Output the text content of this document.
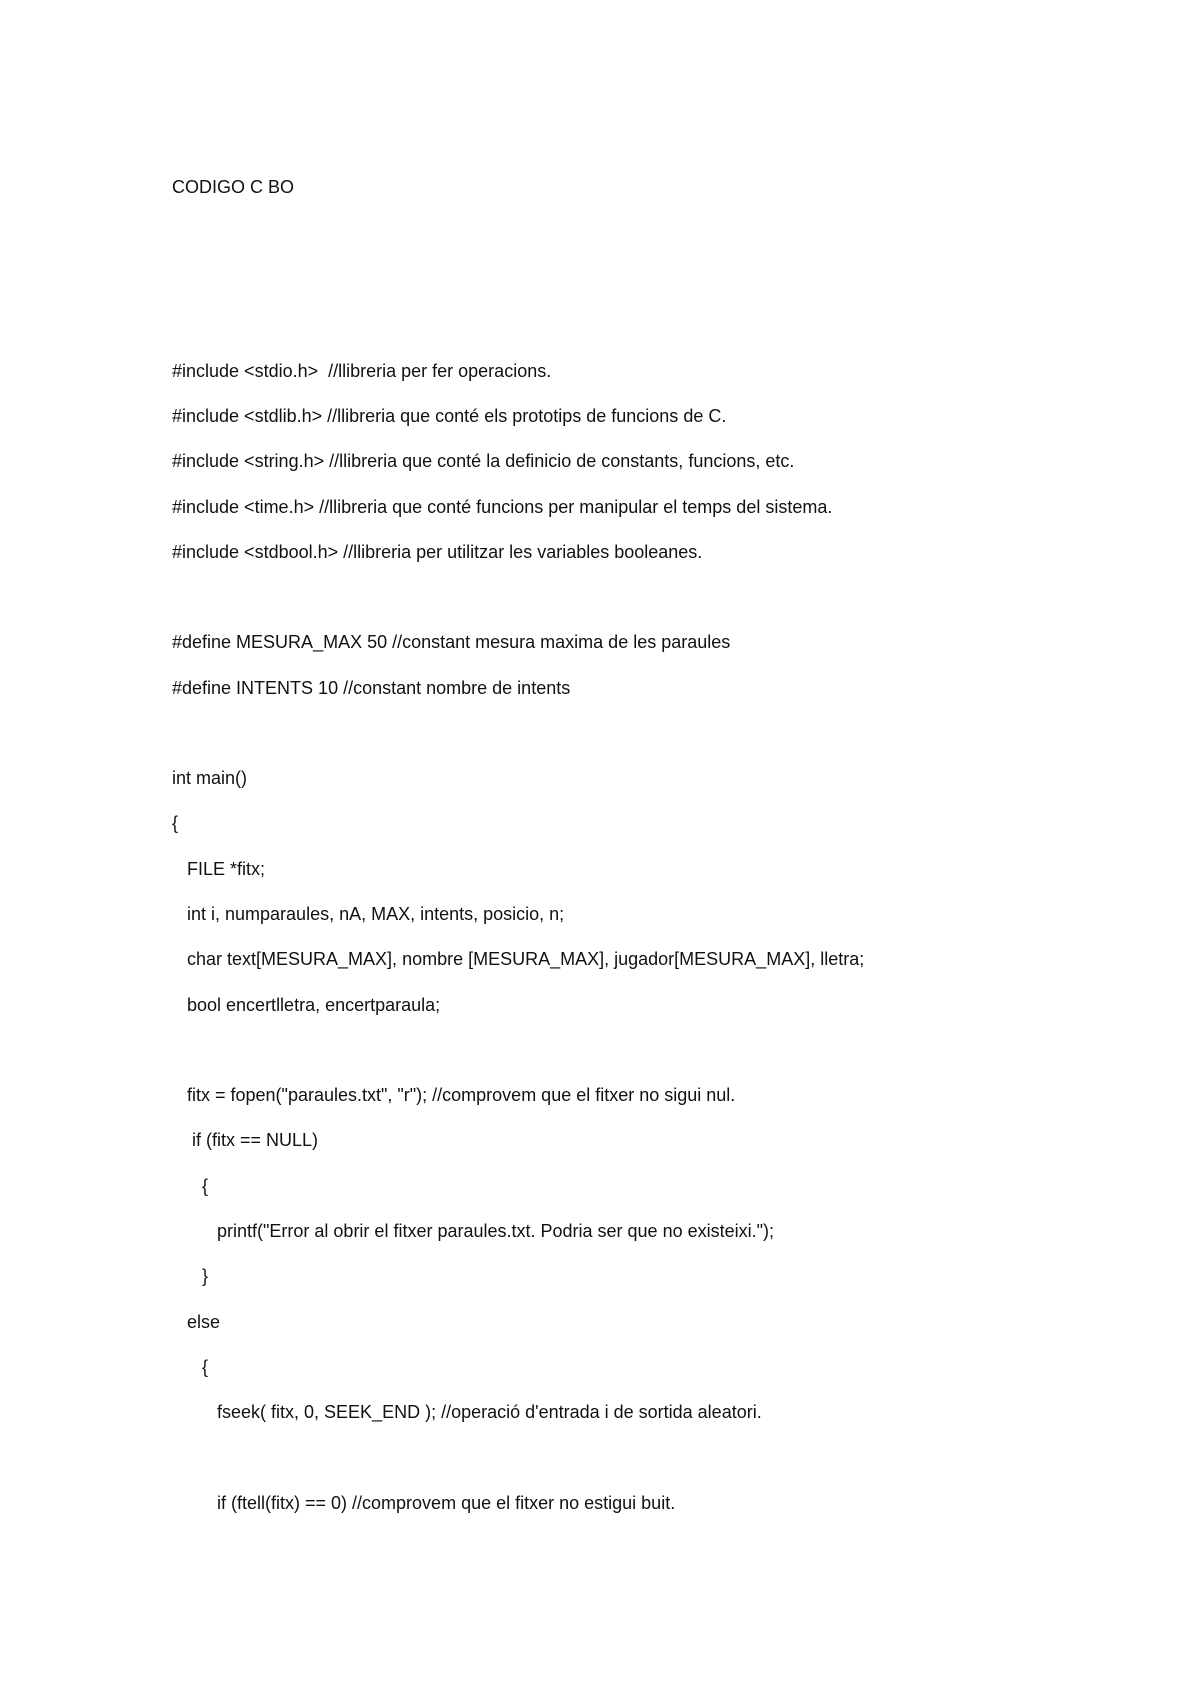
CODIGO C BO
#include <stdio.h>  //llibreria per fer operacions.
#include <stdlib.h> //llibreria que conté els prototips de funcions de C.
#include <string.h> //llibreria que conté la definicio de constants, funcions, etc.
#include <time.h> //llibreria que conté funcions per manipular el temps del sistema.
#include <stdbool.h> //llibreria per utilitzar les variables booleanes.
#define MESURA_MAX 50 //constant mesura maxima de les paraules
#define INTENTS 10 //constant nombre de intents
int main()
{
FILE *fitx;
int i, numparaules, nA, MAX, intents, posicio, n;
char text[MESURA_MAX], nombre [MESURA_MAX], jugador[MESURA_MAX], lletra;
bool encertlletra, encertparaula;
fitx = fopen("paraules.txt", "r"); //comprovem que el fitxer no sigui nul.
if (fitx == NULL)
{
printf("Error al obrir el fitxer paraules.txt. Podria ser que no existeixi.");
}
else
{
fseek( fitx, 0, SEEK_END ); //operació d'entrada i de sortida aleatori.
if (ftell(fitx) == 0) //comprovem que el fitxer no estigui buit.
